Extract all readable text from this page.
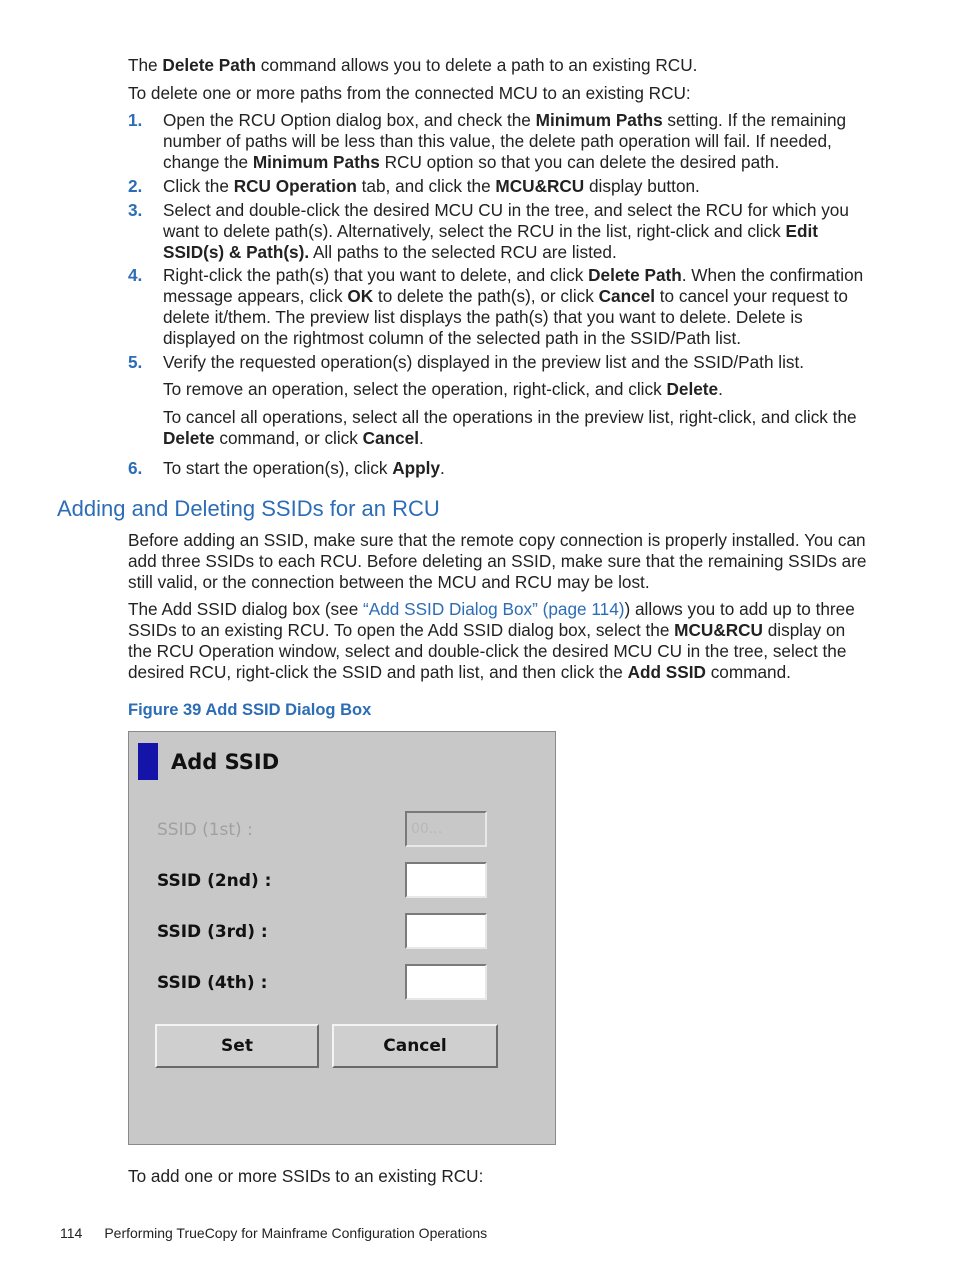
The Delete Path command allows you to delete a path to an existing RCU.

To delete one or more paths from the connected MCU to an existing RCU:

1. Open the RCU Option dialog box, and check the Minimum Paths setting. If the remaining number of paths will be less than this value, the delete path operation will fail. If needed, change the Minimum Paths RCU option so that you can delete the desired path.
2. Click the RCU Operation tab, and click the MCU&RCU display button.
3. Select and double-click the desired MCU CU in the tree, and select the RCU for which you want to delete path(s). Alternatively, select the RCU in the list, right-click and click Edit SSID(s) & Path(s). All paths to the selected RCU are listed.
4. Right-click the path(s) that you want to delete, and click Delete Path. When the confirmation message appears, click OK to delete the path(s), or click Cancel to cancel your request to delete it/them. The preview list displays the path(s) that you want to delete. Delete is displayed on the rightmost column of the selected path in the SSID/Path list.
5. Verify the requested operation(s) displayed in the preview list and the SSID/Path list.

To remove an operation, select the operation, right-click, and click Delete.

To cancel all operations, select all the operations in the preview list, right-click, and click the Delete command, or click Cancel.

6. To start the operation(s), click Apply.
Adding and Deleting SSIDs for an RCU

Before adding an SSID, make sure that the remote copy connection is properly installed. You can add three SSIDs to each RCU. Before deleting an SSID, make sure that the remaining SSIDs are still valid, or the connection between the MCU and RCU may be lost.

The Add SSID dialog box (see “Add SSID Dialog Box” (page 114)) allows you to add up to three SSIDs to an existing RCU. To open the Add SSID dialog box, select the MCU&RCU display on the RCU Operation window, select and double-click the desired MCU CU in the tree, select the desired RCU, right-click the SSID and path list, and then click the Add SSID command.

Figure 39 Add SSID Dialog Box

Add SSID
SSID (1st) :	00...
SSID (2nd) :
SSID (3rd) :
SSID (4th) :
Set	Cancel

To add one or more SSIDs to an existing RCU:

114 Performing TrueCopy for Mainframe Configuration Operations
